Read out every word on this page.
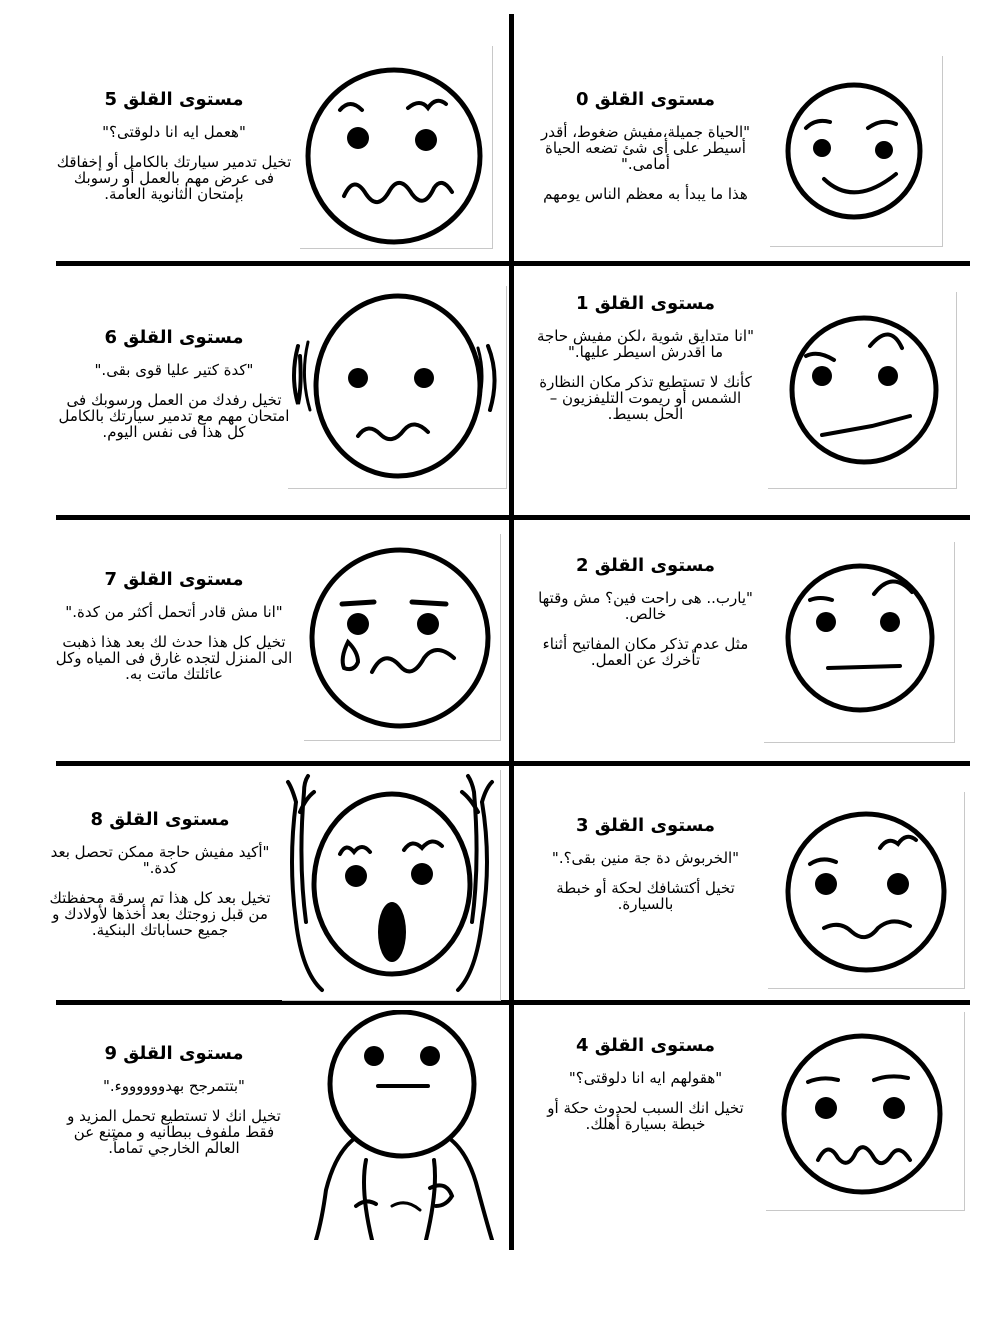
مستوى القلق 0
"الحياة جميلة،مفيش ضغوط، أقدر أسيطر على أى شئ تضعه الحياة أمامى."
هذا ما يبدأ به معظم الناس يومهم
مستوى القلق 1
"انا متدايق شوية ،لكن مفيش حاجة ما اقدرش اسيطر عليها."
كأنك لا تستطيع تذكر مكان النظارة الشمس أو ريموت التليفزيون – الحل بسيط.
مستوى القلق 2
"يارب.. هى راحت فين؟ مش وقتها خالص.
مثل عدم تذكر مكان المفاتيح أثناء تأخرك عن العمل.
مستوى القلق 3
"الخربوش دة جة منين بقى؟."
تخيل أكتشافك لحكة أو خبطة بالسيارة.
مستوى القلق 4
"هقولهم ايه انا دلوقتى؟"
تخيل انك السبب لحدوث حكة أو خبطة بسيارة أهلك.
مستوى القلق 5
"هعمل ايه انا دلوقتى؟"
تخيل تدمير سيارتك بالكامل أو إخفاقك فى عرض مهم بالعمل أو رسوبك بإمتحان الثانوية العامة.
مستوى القلق 6
"كدة كتير عليا قوى بقى."
تخيل رفدك من العمل ورسوبك فى امتحان مهم مع تدمير سيارتك بالكامل كل هذا فى نفس اليوم.
مستوى القلق 7
"انا مش قادر أتحمل أكثر من كدة."
تخيل كل هذا حدث لك بعد هذا ذهبت الى المنزل لتجده غارق فى المياه وكل عائلتك ماتت به.
مستوى القلق 8
"أكيد مفيش حاجة ممكن تحصل بعد كدة."
تخيل بعد كل هذا تم سرقة محفظتك من قبل زوجتك بعد أخذها لأولادك و جميع حساباتك البنكية.
مستوى القلق 9
"بتتمرجح بهدووووووء."
تخيل انك لا تستطيع تحمل المزيد و فقط ملفوف ببطانيه و ممتنع عن العالم الخارجي تماماً.
